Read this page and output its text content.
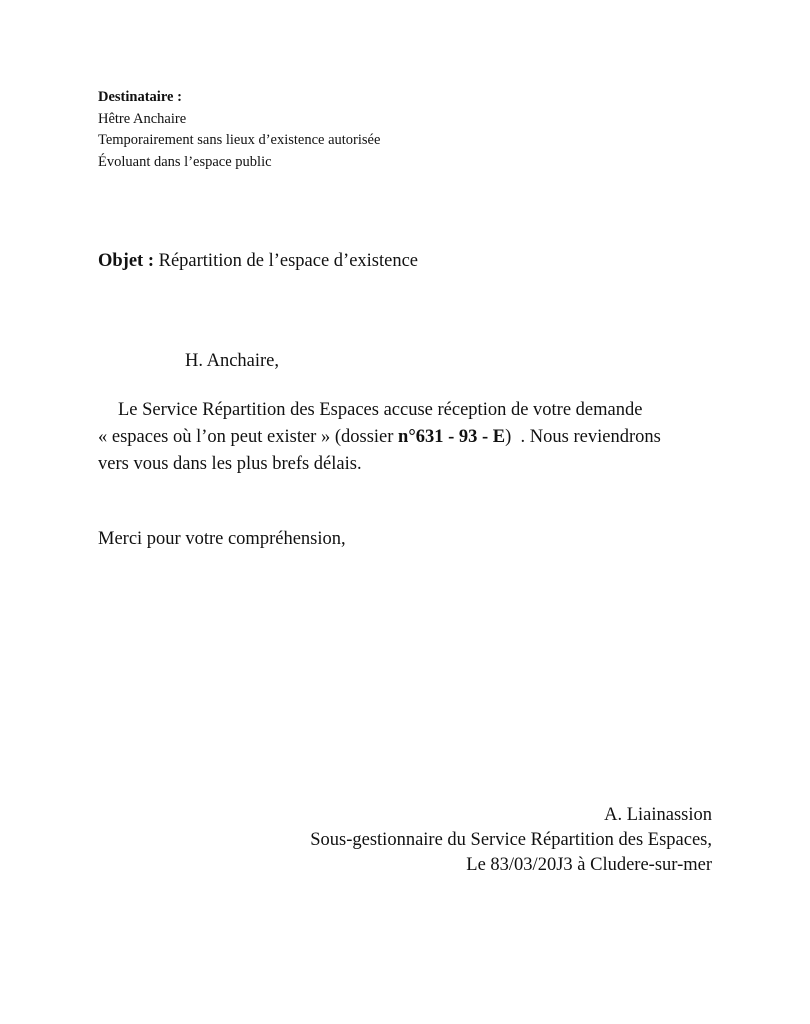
Destinataire :
Hêtre Anchaire
Temporairement sans lieux d’existence autorisée
Évoluant dans l’espace public
Objet : Répartition de l’espace d’existence
H. Anchaire,
Le Service Répartition des Espaces accuse réception de votre demande
« espaces où l’on peut exister » (dossier n°631 - 93 - E)  . Nous reviendrons
vers vous dans les plus brefs délais.
Merci pour votre compréhension,
A. Liainassion
Sous-gestionnaire du Service Répartition des Espaces,
Le 83/03/20J3 à Cludere-sur-mer
